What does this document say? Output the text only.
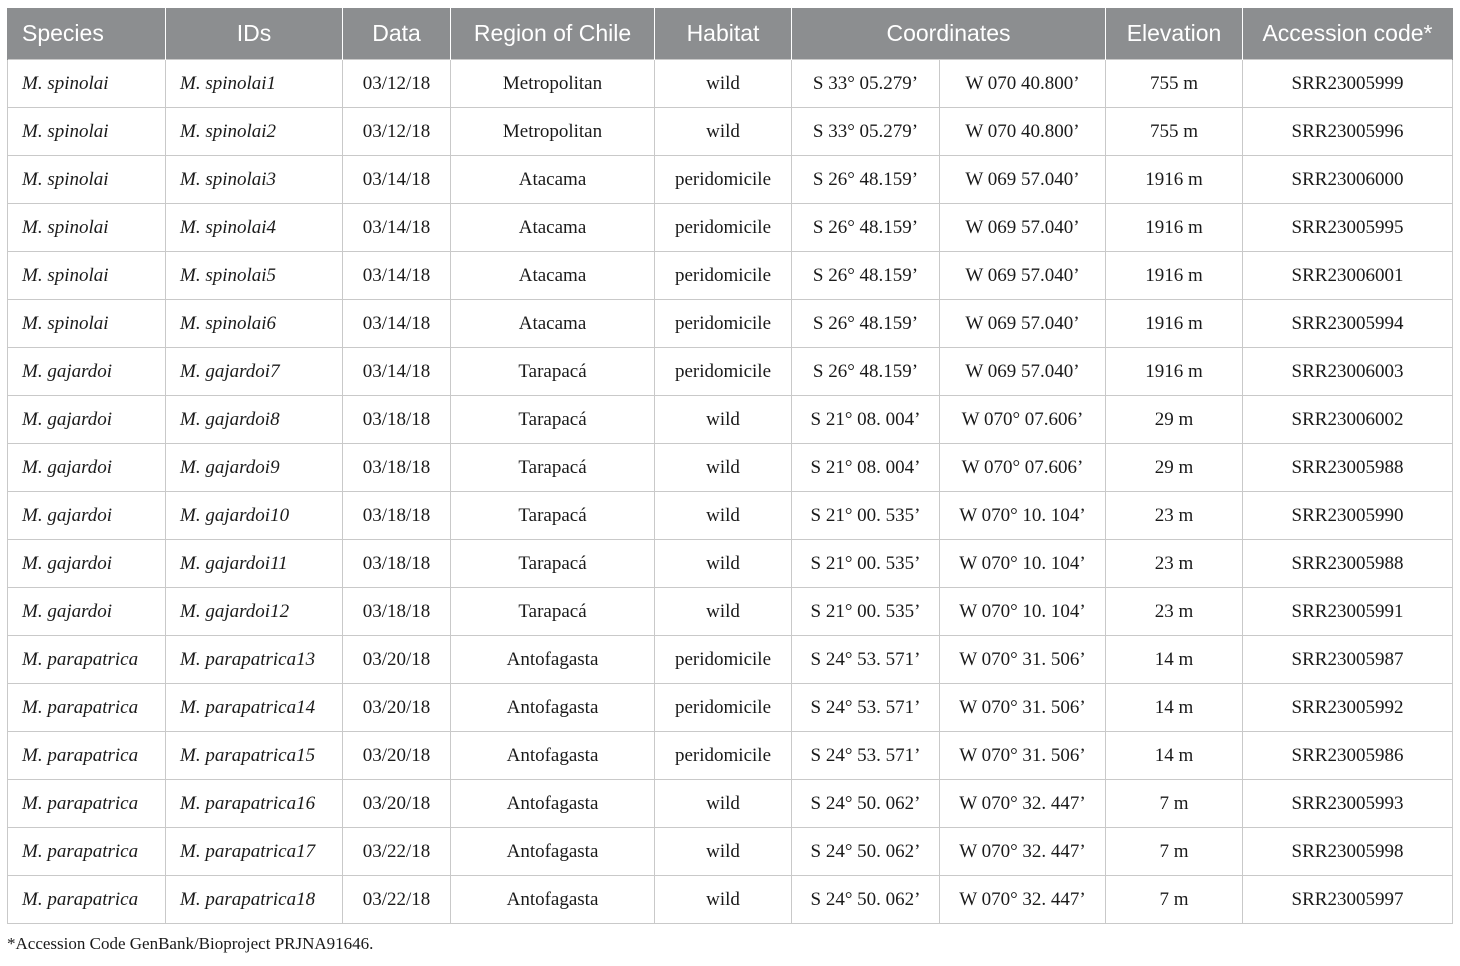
Species	IDs	Data	Region of Chile	Habitat	Coordinates		Elevation	Accession code*
M. spinolai	M. spinolai1	03/12/18	Metropolitan	wild	S 33° 05.279’	W 070 40.800’	755 m	SRR23005999
M. spinolai	M. spinolai2	03/12/18	Metropolitan	wild	S 33° 05.279’	W 070 40.800’	755 m	SRR23005996
M. spinolai	M. spinolai3	03/14/18	Atacama	peridomicile	S 26° 48.159’	W 069 57.040’	1916 m	SRR23006000
M. spinolai	M. spinolai4	03/14/18	Atacama	peridomicile	S 26° 48.159’	W 069 57.040’	1916 m	SRR23005995
M. spinolai	M. spinolai5	03/14/18	Atacama	peridomicile	S 26° 48.159’	W 069 57.040’	1916 m	SRR23006001
M. spinolai	M. spinolai6	03/14/18	Atacama	peridomicile	S 26° 48.159’	W 069 57.040’	1916 m	SRR23005994
M. gajardoi	M. gajardoi7	03/14/18	Tarapacá	peridomicile	S 26° 48.159’	W 069 57.040’	1916 m	SRR23006003
M. gajardoi	M. gajardoi8	03/18/18	Tarapacá	wild	S 21° 08. 004’	W 070° 07.606’	29 m	SRR23006002
M. gajardoi	M. gajardoi9	03/18/18	Tarapacá	wild	S 21° 08. 004’	W 070° 07.606’	29 m	SRR23005988
M. gajardoi	M. gajardoi10	03/18/18	Tarapacá	wild	S 21° 00. 535’	W 070° 10. 104’	23 m	SRR23005990
M. gajardoi	M. gajardoi11	03/18/18	Tarapacá	wild	S 21° 00. 535’	W 070° 10. 104’	23 m	SRR23005988
M. gajardoi	M. gajardoi12	03/18/18	Tarapacá	wild	S 21° 00. 535’	W 070° 10. 104’	23 m	SRR23005991
M. parapatrica	M. parapatrica13	03/20/18	Antofagasta	peridomicile	S 24° 53. 571’	W 070° 31. 506’	14 m	SRR23005987
M. parapatrica	M. parapatrica14	03/20/18	Antofagasta	peridomicile	S 24° 53. 571’	W 070° 31. 506’	14 m	SRR23005992
M. parapatrica	M. parapatrica15	03/20/18	Antofagasta	peridomicile	S 24° 53. 571’	W 070° 31. 506’	14 m	SRR23005986
M. parapatrica	M. parapatrica16	03/20/18	Antofagasta	wild	S 24° 50. 062’	W 070° 32. 447’	7 m	SRR23005993
M. parapatrica	M. parapatrica17	03/22/18	Antofagasta	wild	S 24° 50. 062’	W 070° 32. 447’	7 m	SRR23005998
M. parapatrica	M. parapatrica18	03/22/18	Antofagasta	wild	S 24° 50. 062’	W 070° 32. 447’	7 m	SRR23005997
*Accession Code GenBank/Bioproject PRJNA91646.
